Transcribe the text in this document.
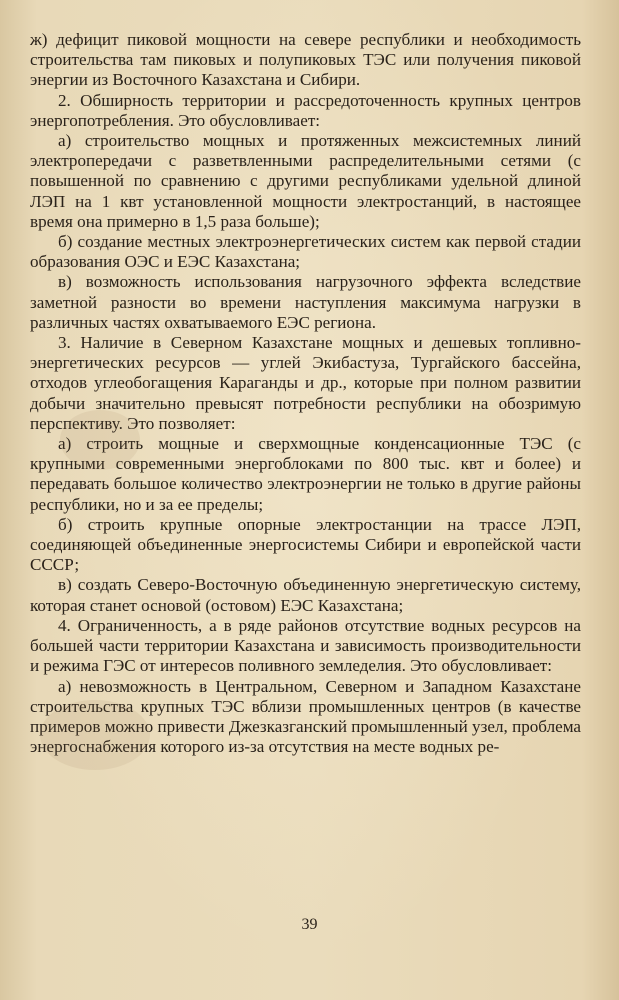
ж) дефицит пиковой мощности на севере республики и необходимость строительства там пиковых и полупиковых ТЭС или получения пиковой энергии из Восточного Казахстана и Сибири.

2. Обширность территории и рассредоточенность крупных центров энергопотребления. Это обусловливает:

а) строительство мощных и протяженных межсистемных линий электропередачи с разветвленными распределительными сетями (с повышенной по сравнению с другими республиками удельной длиной ЛЭП на 1 квт установленной мощности электростанций, в настоящее время она примерно в 1,5 раза больше);

б) создание местных электроэнергетических систем как первой стадии образования ОЭС и ЕЭС Казахстана;

в) возможность использования нагрузочного эффекта вследствие заметной разности во времени наступления максимума нагрузки в различных частях охватываемого ЕЭС региона.

3. Наличие в Северном Казахстане мощных и дешевых топливно-энергетических ресурсов — углей Экибастуза, Тургайского бассейна, отходов углеобогащения Караганды и др., которые при полном развитии добычи значительно превысят потребности республики на обозримую перспективу. Это позволяет:

а) строить мощные и сверхмощные конденсационные ТЭС (с крупными современными энергоблоками по 800 тыс. квт и более) и передавать большое количество электроэнергии не только в другие районы республики, но и за ее пределы;

б) строить крупные опорные электростанции на трассе ЛЭП, соединяющей объединенные энергосистемы Сибири и европейской части СССР;

в) создать Северо-Восточную объединенную энергетическую систему, которая станет основой (остовом) ЕЭС Казахстана;

4. Ограниченность, а в ряде районов отсутствие водных ресурсов на большей части территории Казахстана и зависимость производительности и режима ГЭС от интересов поливного земледелия. Это обусловливает:

а) невозможность в Центральном, Северном и Западном Казахстане строительства крупных ТЭС вблизи промышленных центров (в качестве примеров можно привести Джезказганский промышленный узел, проблема энергоснабжения которого из-за отсутствия на месте водных ре-

39
